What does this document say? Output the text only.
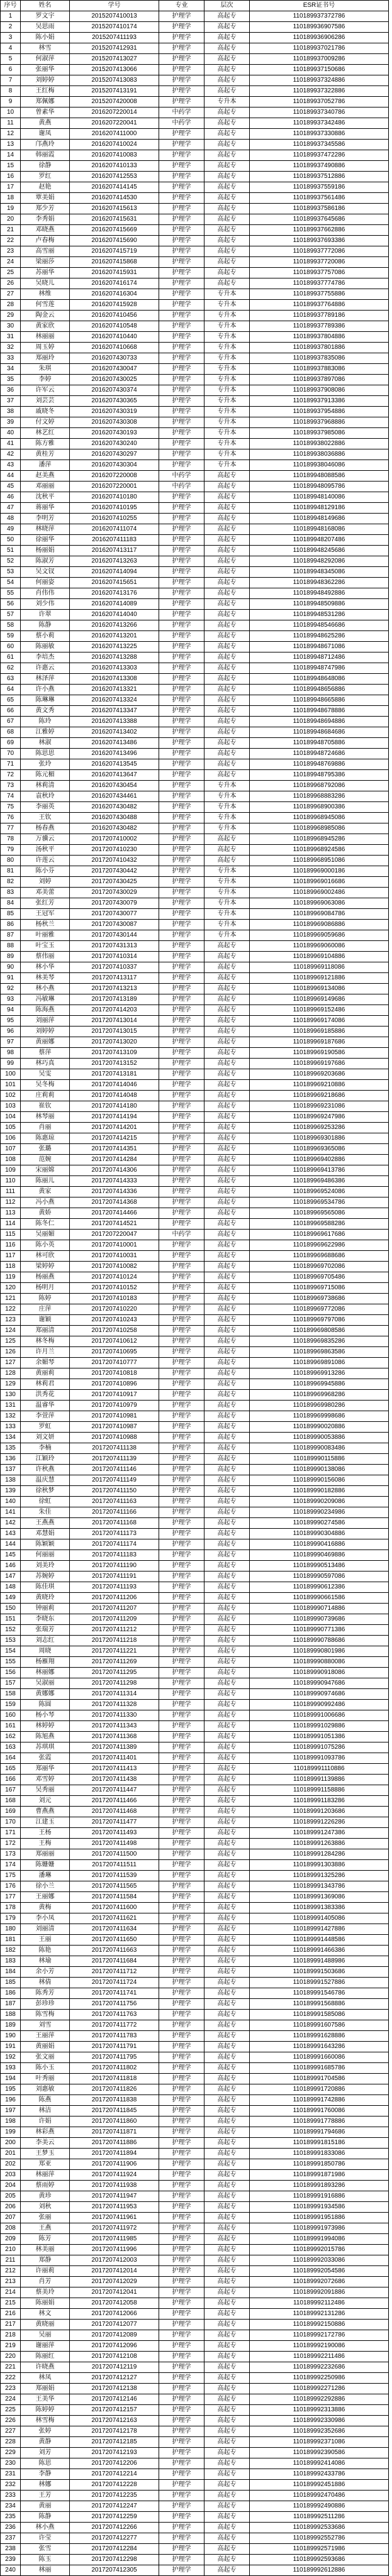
序号	姓名	学号	专业	层次	ESR证书号
1	罗文宇	2015207410013	护理学	高起专	110189937372786
2	吴思雨	2015207410174	护理学	高起专	110189936907586
3	陈小娟	2015207411193	护理学	高起专	110189936906286
4	林雪	2015207412931	护理学	高起专	110189937021786
5	何淑萍	2015207413027	护理学	高起专	110189937009286
6	张丽华	2015207413066	护理学	高起专	110189937150686
7	刘婷婷	2015207413083	护理学	高起专	110189937324886
8	王红梅	2015207413191	护理学	高起专	110189937322886
9	郑佩娜	2015207420008	护理学	专升本	110189937052786
10	曾素华	2016207220014	中药学	高起专	110189937340786
11	黄燕	2016207220041	中药学	高起专	110189937342486
12	谢凤	2016207411000	护理学	高起专	110189937330886
13	邝燕玲	2016207410024	护理学	高起专	110189937345586
14	韩丽霞	2016207410083	护理学	高起专	110189937472286
15	徐静	2016207410133	护理学	高起专	110189937490886
16	罗红	2016207412553	护理学	高起专	110189937512886
17	赵艳	2016207414145	护理学	高起专	110189937559186
18	覃美娟	2016207414530	护理学	高起专	110189937561486
19	郑少芳	2016207415613	护理学	高起专	110189937586186
20	李秀娟	2016207415631	护理学	高起专	110189937645686
21	邓晓燕	2016207415669	护理学	高起专	110189937662886
22	卢春梅	2016207415690	护理学	高起专	110189937693386
23	高雪丽	2016207415719	护理学	高起专	110189937772086
24	梁丽莎	2016207415868	护理学	高起专	110189937720086
25	苏丽华	2016207415931	护理学	高起专	110189937757086
26	吴晓儿	2016207416174	护理学	高起专	110189937774786
27	林维	2016207416304	护理学	专升本	110189937755886
28	何雪莲	2016207415928	护理学	专升本	110189937764886
29	陶金云	2016207410456	护理学	专升本	110189937789186
30	黄家欣	2016207410548	护理学	专升本	110189937789386
31	林丽丽	2016207410440	护理学	专升本	110189937804886
32	周玉婷	2016207410668	护理学	专升本	110189937801886
33	郑丽玲	2016207430733	护理学	专升本	110189937835086
34	朱琪	2016207430047	护理学	专升本	110189937883086
35	李婷	2016207430025	护理学	专升本	110189937897086
36	许军云	2016207430374	护理学	专升本	110189937908086
37	刘芸芸	2016207430365	护理学	专升本	110189937913386
38	戚晓冬	2016207430319	护理学	专升本	110189937954886
39	付文婷	2016207430308	护理学	专升本	110189937968886
40	林艺红	2016207430193	护理学	专升本	110189937985086
41	陈方雅	2016207430240	护理学	专升本	110189938022886
42	黄桂芳	2016207430297	护理学	专升本	110189938036886
43	潘萍	2016207430304	护理学	专升本	110189938046086
44	赵美燕	2016207220008	中药学	高起专	110189948088586
45	邓丽丽	2016207220001	中药学	高起专	110189948095786
46	沈秋平	2016207410180	护理学	高起专	110189948140086
47	蒋丽华	2016207410195	护理学	高起专	110189948129186
48	李明芳	2016207410255	护理学	高起专	110189948149686
49	林晓萍	2016207411074	护理学	高起专	110189948168086
50	徐丽华	2016207411183	护理学	高起专	110189948207486
51	杨丽娟	2016207413117	护理学	高起专	110189948245686
52	陈淑芳	2016207413263	护理学	高起专	110189948292086
53	吴文钗	2016207414094	护理学	高起专	110189948345086
54	何丽姿	2016207415651	护理学	高起专	110189948362286
55	肖伟伟	2016207413176	护理学	高起专	110189948492886
56	刘少伟	2016207414089	护理学	高起专	110189948509886
57	许翠	2016207414040	护理学	高起专	110189948531286
58	陈静	2016207413266	护理学	高起专	110189948546686
59	蔡小莉	2016207413201	护理学	高起专	110189948625286
60	陈丽敏	2016207413225	护理学	高起专	110189948671086
61	李培杰	2016207413288	护理学	高起专	110189948712486
62	许惠云	2016207413303	护理学	高起专	110189948747986
63	林泽萍	2016207413308	护理学	高起专	110189948648086
64	许小燕	2016207413321	护理学	高起专	110189948656886
65	陈琳琳	2016207413324	护理学	高起专	110189948665886
66	黄文秀	2016207413347	护理学	高起专	110189948678886
67	陈玲	2016207413388	护理学	高起专	110189948694886
68	江雅婷	2016207413402	护理学	高起专	110189948684686
69	林淑	2016207413486	护理学	高起专	110189948705886
70	陈思思	2016207413496	护理学	高起专	110189948724686
71	张玲	2016207413545	护理学	高起专	110189948769886
72	陈元楣	2016207413647	护理学	高起专	110189948795386
73	林莉清	2016207430454	护理学	专升本	110189968792086
74	袁秋玲	2016207434461	护理学	专升本	110189968883286
75	李丽英	2016207430482	护理学	专升本	110189968900386
76	王钦	2016207430488	护理学	专升本	110189968945086
77	杨春燕	2016207430482	护理学	专升本	110189968985086
78	万骥云	2017207410002	护理学	高起专	110189968945286
79	汤秋平	2017207410230	护理学	高起专	110189968924586
80	许莲云	2017207410432	护理学	高起专	110189968951086
81	陈小芬	2017207430442	护理学	专升本	110189969000186
82	刘婷	2017207430425	护理学	专升本	110189969016686
83	邓美蕾	2017207430029	护理学	专升本	110189969002486
84	张红芳	2017207430079	护理学	专升本	110189969063086
85	王冠军	2017207430077	护理学	专升本	110189969084786
86	杨秋兰	2017207430087	护理学	专升本	110189969086886
87	叶丽雅	2017207430144	护理学	专升本	110189969059686
88	叶宝玉	2017207431313	护理学	高起专	110189969060086
89	蔡伟丽	2017207410314	护理学	高起专	110189969104886
90	林小华	2017207410337	护理学	高起专	110189969118086
91	林美琴	2017207413117	护理学	高起专	110189969121886
92	林小燕	2017207413213	护理学	高起专	110189969134086
93	冯敏琳	2017207413189	护理学	高起专	110189969149686
94	陈海燕	2017207414203	护理学	高起专	110189969152486
95	刘丽萍	2017207413014	护理学	高起专	110189969174086
96	刘婷婷	2017207413015	护理学	高起专	110189969185886
97	黄丽娜	2017207413020	护理学	高起专	110189969187686
98	蔡萍	2017207413109	护理学	高起专	110189969190586
99	林巧真	2017207413152	护理学	高起专	110189969197686
100	吴雯	2017207413181	护理学	高起专	110189969203686
101	吴冬梅	2017207414046	护理学	高起专	110189969210886
102	庄莉莉	2017207414048	护理学	高起专	110189969218686
103	崔钦	2017207414180	护理学	高起专	110189969231086
104	林琴丽	2017207414194	护理学	高起专	110189969247986
105	肖丽	2017207414201	护理学	高起专	110189969253286
106	陈惠琼	2017207414215	护理学	高起专	110189969301886
107	张璐	2017207414351	护理学	高起专	110189969365086
108	范婉	2017207414284	护理学	高起专	110189969402886
109	宋丽嫦	2017207414306	护理学	高起专	110189969413786
110	陈丽儿	2017207414333	护理学	高起专	110189969486386
111	黄家	2017207414336	护理学	高起专	110189969524086
112	冯小燕	2017207414368	护理学	高起专	110189969534786
113	黄娇	2017207414466	护理学	高起专	110189969565086
114	陈冬仁	2017207414521	护理学	高起专	110189969588286
115	吴丽媚	2017207220047	中药学	高起专	110189969617686
116	陈小英	2017207410001	护理学	高起专	110189969622986
117	林可欣	2017207410031	护理学	高起专	110189969688686
118	梁婷婷	2017207410082	护理学	高起专	110189969702086
119	杨丽燕	2017207410124	护理学	高起专	110189969705486
120	杨明月	2017207410152	护理学	高起专	110189969715086
121	陈婷	2017207410183	护理学	高起专	110189969738686
122	庄萍	2017207410220	护理学	高起专	110189969772086
123	谢颖	2017207410243	护理学	高起专	110189969797086
124	郑丽清	2017207410258	护理学	高起专	110189969808586
125	林冬梅	2017207410612	护理学	高起专	110189969835286
126	许月兰	2017207410695	护理学	高起专	110189969863586
127	余媚琴	2017207410777	护理学	高起专	110189969891086
128	黄丽莉	2017207410818	护理学	高起专	110189969913286
129	林莉君	2017207410896	护理学	高起专	110189969945886
130	洪秀花	2017207410917	护理学	高起专	110189969968286
131	温睿华	2017207410979	护理学	高起专	110189969980286
132	李萱萍	2017207410981	护理学	高起专	110189969998686
133	罗虹	2017207410987	护理学	高起专	110189990020886
134	刘文妍	2017207410988	护理学	高起专	110189990053886
135	李楠	2017207411138	护理学	高起专	110189990083486
136	江颖玲	2017207411139	护理学	高起专	110189990115886
137	许秋燕	2017207411146	护理学	高起专	110189990138086
138	温庆慧	2017207411149	护理学	高起专	110189990156086
139	徐秋梦	2017207411150	护理学	高起专	110189990182886
140	徐虹	2017207411163	护理学	高起专	110189990209086
141	朱佳	2017207411166	护理学	高起专	110189990234986
142	王燕燕	2017207411168	护理学	高起专	110189990274586
143	邓慧娟	2017207411173	护理学	高起专	110189990304886
144	陈颖颖	2017207411174	护理学	高起专	110189990416886
145	何丽丽	2017207411183	护理学	高起专	110189990469886
146	刘美玲	2017207411190	护理学	高起专	110189990513486
147	苏婉婷	2017207411191	护理学	高起专	110189990597086
148	陈佳琪	2017207411193	护理学	高起专	110189990612386
149	黄晓玲	2017207411206	护理学	高起专	110189990661586
150	钟丽莉	2017207411207	护理学	高起专	110189990714886
151	李晓东	2017207411209	护理学	高起专	110189990739686
152	张瑞芳	2017207411212	护理学	高起专	110189990771386
153	刘志红	2017207411218	护理学	高起专	110189990788686
154	周晓	2017207411221	护理学	高起专	110189990801986
155	杨雁翔	2017207411269	护理学	高起专	110189990880086
156	林丽娜	2017207411295	护理学	高起专	110189990918086
157	吴淑丽	2017207411298	护理学	高起专	110189990947686
158	黄娜娜	2017207411314	护理学	高起专	110189990974686
159	陈圆	2017207411328	护理学	高起专	110189990992486
160	杨小琴	2017207411330	护理学	高起专	110189991006686
161	林婷婷	2017207411343	护理学	高起专	110189991029886
162	陈旭燕	2017207411368	护理学	高起专	110189991051386
163	苏琪琪	2017207411389	护理学	高起专	110189991075286
164	张霞	2017207411401	护理学	高起专	110189991093786
165	郑丽华	2017207411413	护理学	高起专	110189991110886
166	邓雪婷	2017207411438	护理学	高起专	110189991139886
167	吴秀丽	2017207411447	护理学	高起专	110189991158886
168	刘元	2017207411466	护理学	高起专	110189991183286
169	曹燕燕	2017207411468	护理学	高起专	110189991203686
170	江建玉	2017207411477	护理学	高起专	110189991226286
171	王杨	2017207411493	护理学	高起专	110189991247386
172	王梅	2017207411498	护理学	高起专	110189991263886
173	郑丽丽	2017207411500	护理学	高起专	110189991284286
174	陈姗姗	2017207411511	护理学	高起专	110189991303886
175	潘琳	2017207411539	护理学	高起专	110189991325286
176	徐小兰	2017207411565	护理学	高起专	110189991343786
177	王丽娜	2017207411584	护理学	高起专	110189991369086
178	黄梅	2017207411600	护理学	高起专	110189991383386
179	李小凤	2017207411621	护理学	高起专	110189991405086
180	刘丽清	2017207411634	护理学	高起专	110189991427886
181	王丽	2017207411650	护理学	高起专	110189991448586
182	陈艳	2017207411663	护理学	高起专	110189991466386
183	林瑜	2017207411684	护理学	高起专	110189991488986
184	余小芳	2017207411712	护理学	高起专	110189991503686
185	林倩	2017207411724	护理学	高起专	110189991527886
186	陈秀芳	2017207411741	护理学	高起专	110189991546786
187	彭珍珍	2017207411756	护理学	高起专	110189991568886
188	陈雪梅	2017207411763	护理学	高起专	110189991585086
189	刘雪	2017207411772	护理学	高起专	110189991607586
190	王丽萍	2017207411783	护理学	高起专	110189991628886
191	黄丽娟	2017207411791	护理学	高起专	110189991643286
192	张文丽	2017207411795	护理学	高起专	110189991660086
193	陈小玉	2017207411802	护理学	高起专	110189991685786
194	叶秀丽	2017207411818	护理学	高起专	110189991704586
195	刘惠敏	2017207411826	护理学	高起专	110189991720886
196	陈燕	2017207411838	护理学	高起专	110189991742886
197	林洁	2017207411845	护理学	高起专	110189991760086
198	许娟	2017207411860	护理学	高起专	110189991778886
199	林彩燕	2017207411871	护理学	高起专	110189991794686
200	李美云	2017207411886	护理学	高起专	110189991815186
201	王梦玉	2017207411894	护理学	高起专	110189991833086
202	郑亚	2017207411906	护理学	高起专	110189991850786
203	林丽萍	2017207411924	护理学	高起专	110189991871986
204	蔡雨婷	2017207411938	护理学	高起专	110189991893286
205	黄珍	2017207411947	护理学	高起专	110189991916886
206	刘秋	2017207411953	护理学	高起专	110189991934586
207	张丽	2017207411961	护理学	高起专	110189991951886
208	王燕	2017207411972	护理学	高起专	110189991973986
209	陈芳	2017207411985	护理学	高起专	110189991994086
210	林美丽	2017207411996	护理学	高起专	110189992015786
211	郑静	2017207412003	护理学	高起专	110189992033086
212	许丽莉	2017207412014	护理学	高起专	110189992054586
213	肖芳	2017207412029	护理学	高起专	110189992072686
214	蔡美玲	2017207412041	护理学	高起专	110189992091886
215	陈丽娟	2017207412058	护理学	高起专	110189992112486
216	林文	2017207412066	护理学	高起专	110189992131286
217	黄晓丽	2017207412077	护理学	高起专	110189992150886
218	吴丽	2017207412089	护理学	高起专	110189992172786
219	谢丽萍	2017207412096	护理学	高起专	110189992190086
220	陈丽红	2017207412108	护理学	高起专	110189992211486
221	许晓燕	2017207412119	护理学	高起专	110189992232686
222	林凤	2017207412127	护理学	高起专	110189992250986
223	郑丽娟	2017207412138	护理学	高起专	110189992271286
224	王美华	2017207412146	护理学	高起专	110189992292886
225	陈婷婷	2017207412157	护理学	高起专	110189992313886
226	林雪梅	2017207412163	护理学	高起专	110189992330986
227	张婷	2017207412178	护理学	高起专	110189992352686
228	黄静	2017207412185	护理学	高起专	110189992371086
229	刘芳	2017207412193	护理学	高起专	110189992390586
230	陈思	2017207412206	护理学	高起专	110189992414086
231	李静	2017207412214	护理学	高起专	110189992433786
232	林娜	2017207412228	护理学	高起专	110189992451886
233	王芳	2017207412235	护理学	高起专	110189992470486
234	黄丽	2017207412247	护理学	高起专	110189992490886
235	陈静	2017207412259	护理学	高起专	110189992511286
236	林小燕	2017207412266	护理学	高起专	110189992533686
237	许莹	2017207412277	护理学	高起专	110189992552786
238	张雪	2017207412284	护理学	高起专	110189992571986
239	陈玉	2017207412298	护理学	高起专	110189992593686
240	林丽	2017207412305	护理学	高起专	110189992612886
